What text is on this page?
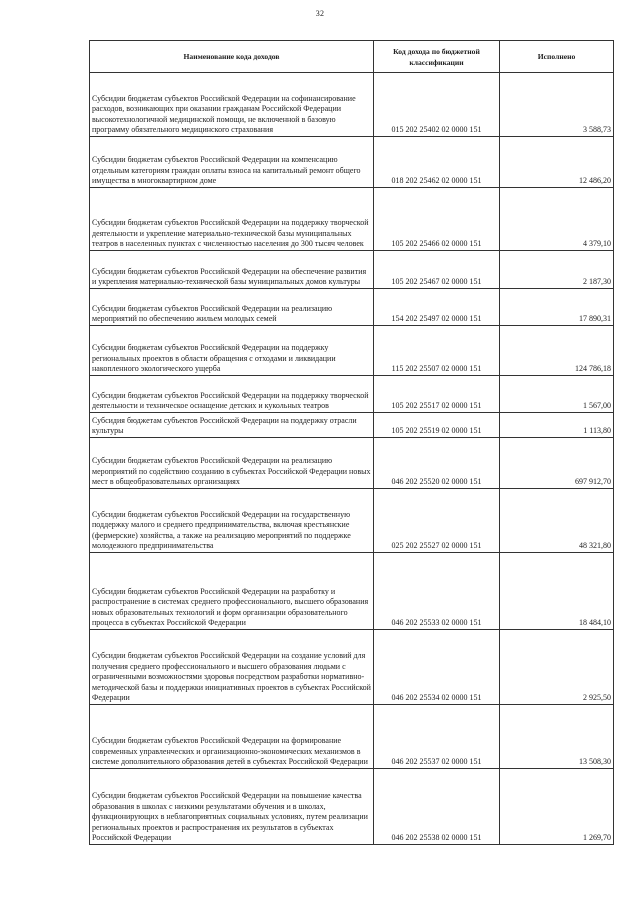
32
Наименование кода доходов	Код дохода по бюджетной классификации	Исполнено
Субсидии бюджетам субъектов Российской Федерации на софинансирование расходов, возникающих при оказании гражданам Российской Федерации высокотехнологичной медицинской помощи, не включенной в базовую программу обязательного медицинского страхования	015 202 25402 02 0000 151	3 588,73
Субсидии бюджетам субъектов Российской Федерации на компенсацию отдельным категориям граждан оплаты взноса на капитальный ремонт общего имущества в многоквартирном доме	018 202 25462 02 0000 151	12 486,20
Субсидии бюджетам субъектов Российской Федерации на поддержку творческой деятельности и укрепление материально-технической базы муниципальных театров в населенных пунктах с численностью населения до 300 тысяч человек	105 202 25466 02 0000 151	4 379,10
Субсидии бюджетам субъектов Российской Федерации на обеспечение развития и укрепления материально-технической базы муниципальных домов культуры	105 202 25467 02 0000 151	2 187,30
Субсидии бюджетам субъектов Российской Федерации на реализацию мероприятий по обеспечению жильем молодых семей	154 202 25497 02 0000 151	17 890,31
Субсидии бюджетам субъектов Российской Федерации на поддержку региональных проектов в области обращения с отходами и ликвидации накопленного экологического ущерба	115 202 25507 02 0000 151	124 786,18
Субсидии бюджетам субъектов Российской Федерации на поддержку творческой деятельности и техническое оснащение детских и кукольных театров	105 202 25517 02 0000 151	1 567,00
Субсидия бюджетам субъектов Российской Федерации на поддержку отрасли культуры	105 202 25519 02 0000 151	1 113,80
Субсидии бюджетам субъектов Российской Федерации на реализацию мероприятий по содействию созданию в субъектах Российской Федерации новых мест в общеобразовательных организациях	046 202 25520 02 0000 151	697 912,70
Субсидии бюджетам субъектов Российской Федерации на государственную поддержку малого и среднего предпринимательства, включая крестьянские (фермерские) хозяйства, а также на реализацию мероприятий по поддержке молодежного предпринимательства	025 202 25527 02 0000 151	48 321,80
Субсидии бюджетам субъектов Российской Федерации на разработку и распространение в системах среднего профессионального, высшего образования новых образовательных технологий и форм организации образовательного процесса в субъектах Российской Федерации	046 202 25533 02 0000 151	18 484,10
Субсидии бюджетам субъектов Российской Федерации на создание условий для получения среднего профессионального и высшего образования людьми с ограниченными возможностями здоровья посредством разработки нормативно-методической базы и поддержки инициативных проектов в субъектах Российской Федерации	046 202 25534 02 0000 151	2 925,50
Субсидии бюджетам субъектов Российской Федерации на формирование современных управленческих и организационно-экономических механизмов в системе дополнительного образования детей в субъектах Российской Федерации	046 202 25537 02 0000 151	13 508,30
Субсидии бюджетам субъектов Российской Федерации на повышение качества образования в школах с низкими результатами обучения и в школах, функционирующих в неблагоприятных социальных условиях, путем реализации региональных проектов и распространения их результатов в субъектах Российской Федерации	046 202 25538 02 0000 151	1 269,70
